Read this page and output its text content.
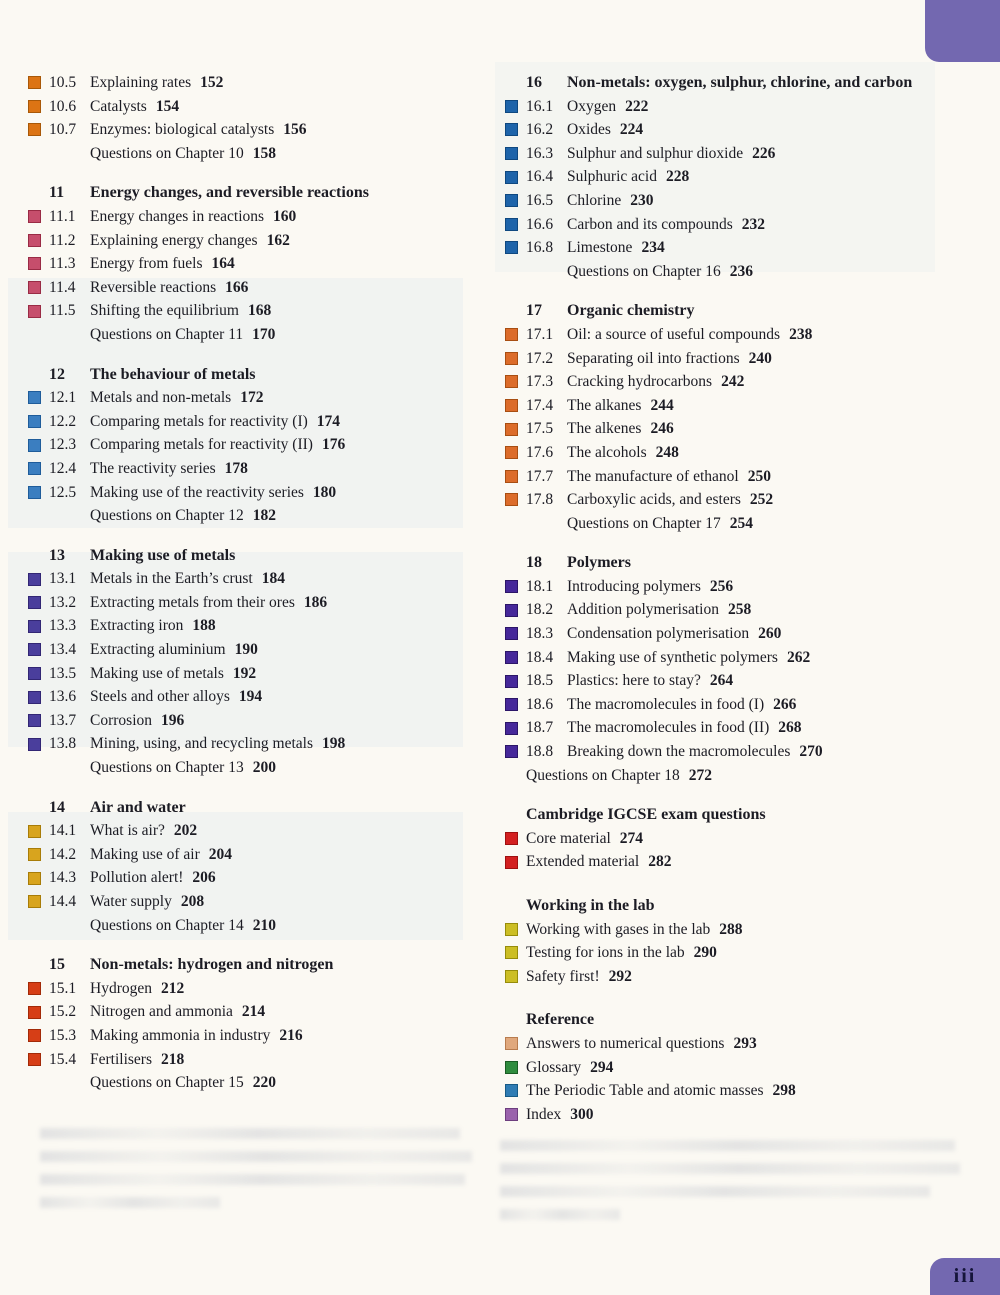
10.5 Explaining rates 152
10.6 Catalysts 154
10.7 Enzymes: biological catalysts 156
Questions on Chapter 10 158
11	Energy changes, and reversible reactions
11.1 Energy changes in reactions 160
11.2 Explaining energy changes 162
11.3 Energy from fuels 164
11.4 Reversible reactions 166
11.5 Shifting the equilibrium 168
Questions on Chapter 11 170
12	The behaviour of metals
12.1 Metals and non-metals 172
12.2 Comparing metals for reactivity (I) 174
12.3 Comparing metals for reactivity (II) 176
12.4 The reactivity series 178
12.5 Making use of the reactivity series 180
Questions on Chapter 12 182
13	Making use of metals
13.1 Metals in the Earth’s crust 184
13.2 Extracting metals from their ores 186
13.3 Extracting iron 188
13.4 Extracting aluminium 190
13.5 Making use of metals 192
13.6 Steels and other alloys 194
13.7 Corrosion 196
13.8 Mining, using, and recycling metals 198
Questions on Chapter 13 200
14	Air and water
14.1 What is air? 202
14.2 Making use of air 204
14.3 Pollution alert! 206
14.4 Water supply 208
Questions on Chapter 14 210
15	Non-metals: hydrogen and nitrogen
15.1 Hydrogen 212
15.2 Nitrogen and ammonia 214
15.3 Making ammonia in industry 216
15.4 Fertilisers 218
Questions on Chapter 15 220
16	Non-metals: oxygen, sulphur, chlorine, and carbon
16.1 Oxygen 222
16.2 Oxides 224
16.3 Sulphur and sulphur dioxide 226
16.4 Sulphuric acid 228
16.5 Chlorine 230
16.6 Carbon and its compounds 232
16.8 Limestone 234
Questions on Chapter 16 236
17	Organic chemistry
17.1 Oil: a source of useful compounds 238
17.2 Separating oil into fractions 240
17.3 Cracking hydrocarbons 242
17.4 The alkanes 244
17.5 The alkenes 246
17.6 The alcohols 248
17.7 The manufacture of ethanol 250
17.8 Carboxylic acids, and esters 252
Questions on Chapter 17 254
18	Polymers
18.1 Introducing polymers 256
18.2 Addition polymerisation 258
18.3 Condensation polymerisation 260
18.4 Making use of synthetic polymers 262
18.5 Plastics: here to stay? 264
18.6 The macromolecules in food (I) 266
18.7 The macromolecules in food (II) 268
18.8 Breaking down the macromolecules 270
Questions on Chapter 18 272
Cambridge IGCSE exam questions
Core material 274
Extended material 282
Working in the lab
Working with gases in the lab 288
Testing for ions in the lab 290
Safety first! 292
Reference
Answers to numerical questions 293
Glossary 294
The Periodic Table and atomic masses 298
Index 300
iii
